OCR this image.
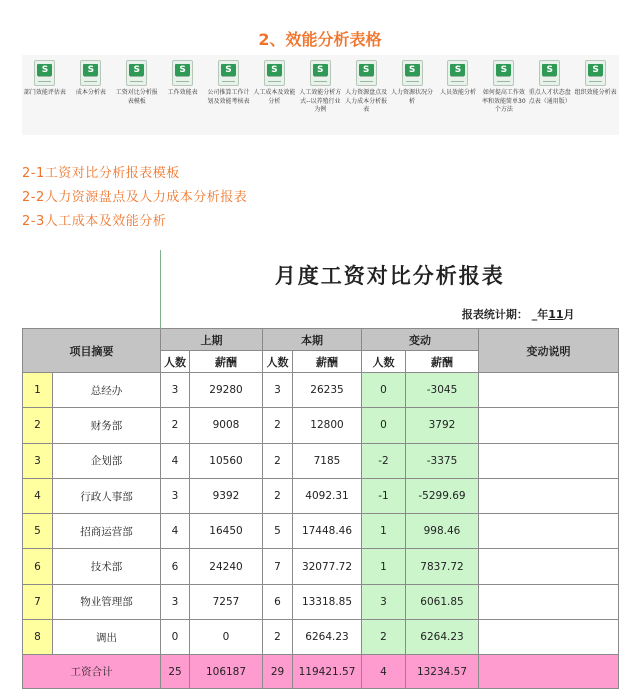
2、效能分析表格
S
部门效能评估表
S
成本分析表
S
工资对比分析报表模板
S
工作效能表
S
公司推算工作计划及效能考核表
S
人工成本及效能分析
S
人工效能分析方式--以养殖行业为例
S
人力资源盘点及人力成本分析报表
S
人力资源状况分析
S
人员效能分析
S
如何提高工作效率和效能简单30个方法
S
重点人才状态盘点表（通用版）
S
组织效能分析表
2-1工资对比分析报表模板
2-2人力资源盘点及人力成本分析报表
2-3人工成本及效能分析
		月度工资对比分析报表						
		报表统计期： _年11月						
项目摘要		上期		本期		变动		变动说明
		人数	薪酬	人数	薪酬	人数	薪酬	
1	总经办	3	29280	3	26235	0	-3045	
2	财务部	2	9008	2	12800	0	3792	
3	企划部	4	10560	2	7185	-2	-3375	
4	行政人事部	3	9392	2	4092.31	-1	-5299.69	
5	招商运营部	4	16450	5	17448.46	1	998.46	
6	技术部	6	24240	7	32077.72	1	7837.72	
7	物业管理部	3	7257	6	13318.85	3	6061.85	
8	调出	0	0	2	6264.23	2	6264.23	
工资合计		25	106187	29	119421.57	4	13234.57	
